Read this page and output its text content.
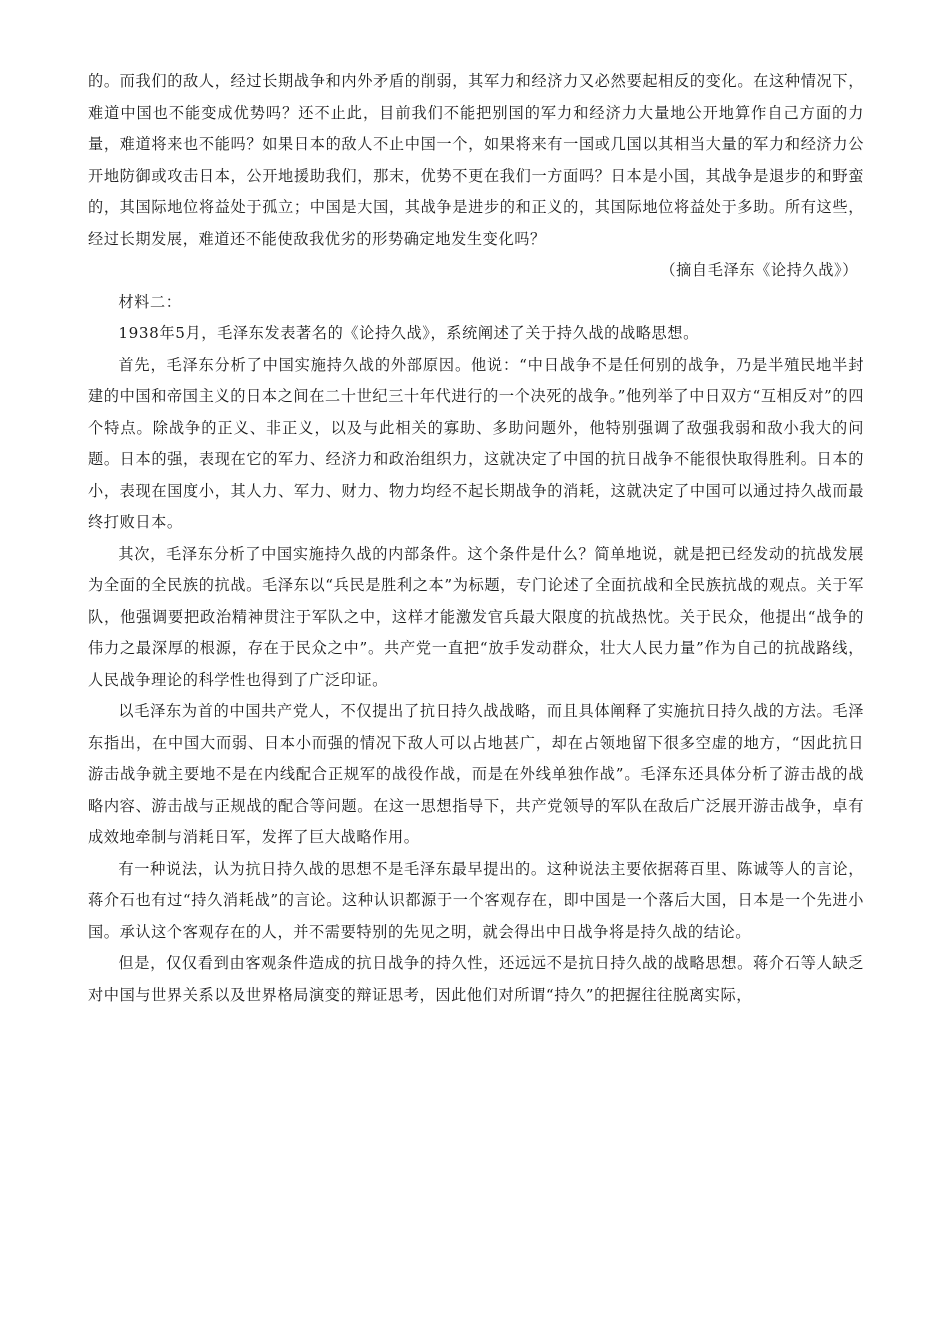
的。而我们的敌人，经过长期战争和内外矛盾的削弱，其军力和经济力又必然要起相反的变化。在这种情况下，难道中国也不能变成优势吗？还不止此，目前我们不能把别国的军力和经济力大量地公开地算作自己方面的力量，难道将来也不能吗？如果日本的敌人不止中国一个，如果将来有一国或几国以其相当大量的军力和经济力公开地防御或攻击日本，公开地援助我们，那末，优势不更在我们一方面吗？日本是小国，其战争是退步的和野蛮的，其国际地位将益处于孤立；中国是大国，其战争是进步的和正义的，其国际地位将益处于多助。所有这些，经过长期发展，难道还不能使敌我优劣的形势确定地发生变化吗？

（摘自毛泽东《论持久战》）

材料二：

1938年5月，毛泽东发表著名的《论持久战》，系统阐述了关于持久战的战略思想。

首先，毛泽东分析了中国实施持久战的外部原因。他说：“中日战争不是任何别的战争，乃是半殖民地半封建的中国和帝国主义的日本之间在二十世纪三十年代进行的一个决死的战争。”他列举了中日双方“互相反对”的四个特点。除战争的正义、非正义，以及与此相关的寡助、多助问题外，他特别强调了敌强我弱和敌小我大的问题。日本的强，表现在它的军力、经济力和政治组织力，这就决定了中国的抗日战争不能很快取得胜利。日本的小，表现在国度小，其人力、军力、财力、物力均经不起长期战争的消耗，这就决定了中国可以通过持久战而最终打败日本。

其次，毛泽东分析了中国实施持久战的内部条件。这个条件是什么？简单地说，就是把已经发动的抗战发展为全面的全民族的抗战。毛泽东以“兵民是胜利之本”为标题，专门论述了全面抗战和全民族抗战的观点。关于军队，他强调要把政治精神贯注于军队之中，这样才能激发官兵最大限度的抗战热忱。关于民众，他提出“战争的伟力之最深厚的根源，存在于民众之中”。共产党一直把“放手发动群众，壮大人民力量”作为自己的抗战路线，人民战争理论的科学性也得到了广泛印证。

以毛泽东为首的中国共产党人，不仅提出了抗日持久战战略，而且具体阐释了实施抗日持久战的方法。毛泽东指出，在中国大而弱、日本小而强的情况下敌人可以占地甚广，却在占领地留下很多空虚的地方，“因此抗日游击战争就主要地不是在内线配合正规军的战役作战，而是在外线单独作战”。毛泽东还具体分析了游击战的战略内容、游击战与正规战的配合等问题。在这一思想指导下，共产党领导的军队在敌后广泛展开游击战争，卓有成效地牵制与消耗日军，发挥了巨大战略作用。

有一种说法，认为抗日持久战的思想不是毛泽东最早提出的。这种说法主要依据蒋百里、陈诚等人的言论，蒋介石也有过“持久消耗战”的言论。这种认识都源于一个客观存在，即中国是一个落后大国，日本是一个先进小国。承认这个客观存在的人，并不需要特别的先见之明，就会得出中日战争将是持久战的结论。

但是，仅仅看到由客观条件造成的抗日战争的持久性，还远远不是抗日持久战的战略思想。蒋介石等人缺乏对中国与世界关系以及世界格局演变的辩证思考，因此他们对所谓“持久”的把握往往脱离实际，
